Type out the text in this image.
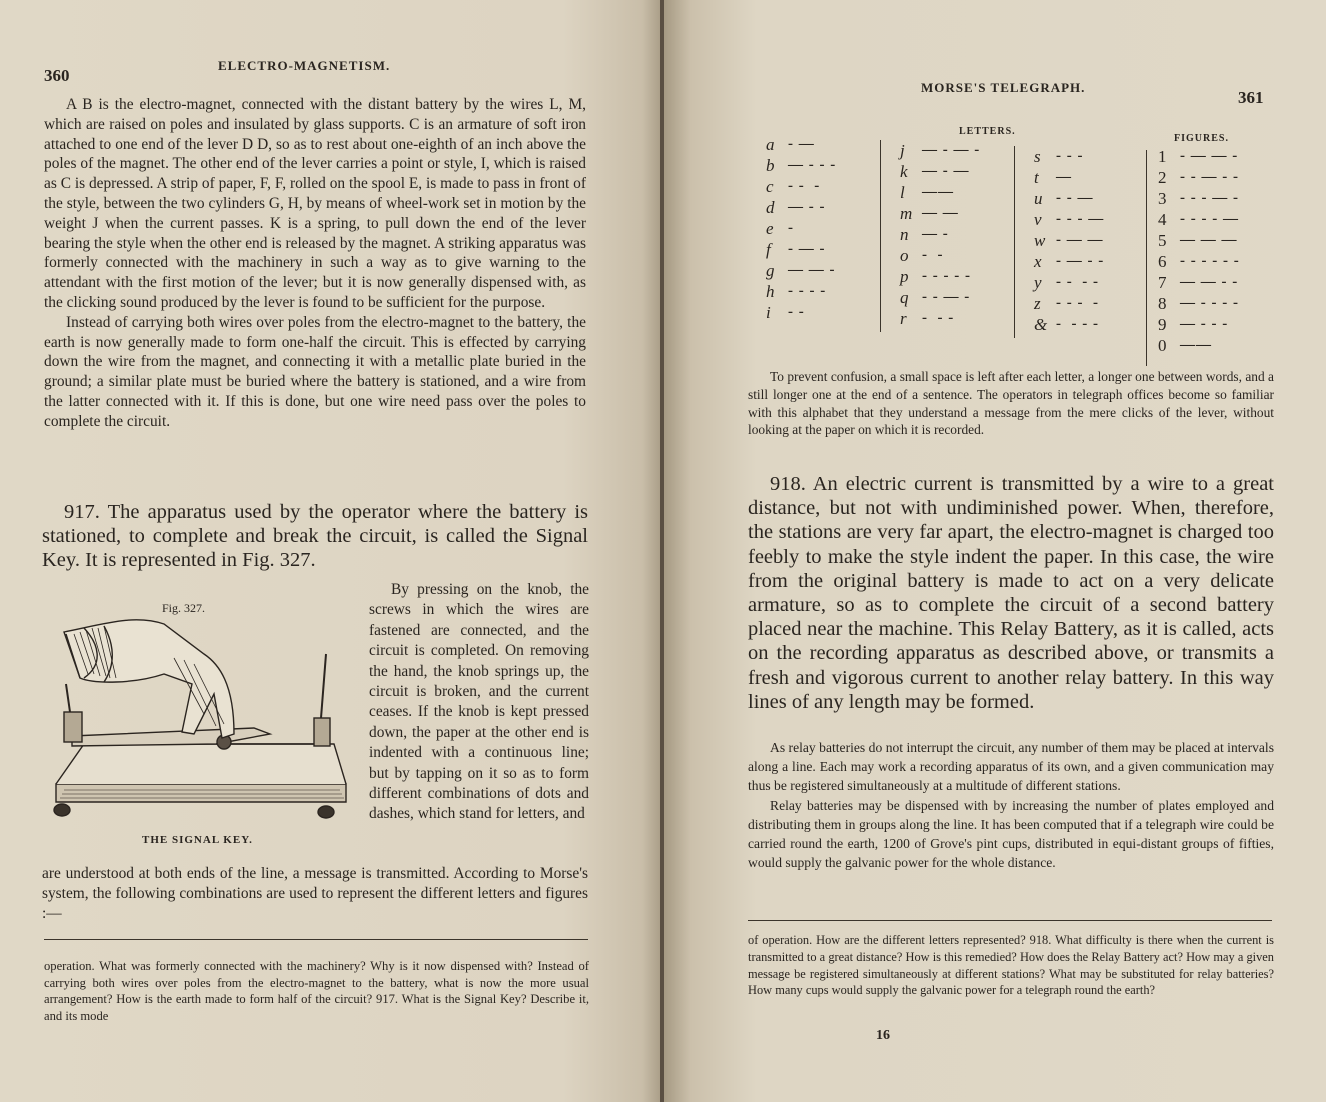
360
ELECTRO-MAGNETISM.

A B is the electro-magnet, connected with the distant battery by the wires L, M, which are raised on poles and insulated by glass supports. C is an armature of soft iron attached to one end of the lever D D, so as to rest about one-eighth of an inch above the poles of the magnet. The other end of the lever carries a point or style, I, which is raised as C is depressed. A strip of paper, F, F, rolled on the spool E, is made to pass in front of the style, between the two cylinders G, H, by means of wheel-work set in motion by the weight J when the current passes. K is a spring, to pull down the end of the lever bearing the style when the other end is released by the magnet. A striking apparatus was formerly connected with the machinery in such a way as to give warning to the attendant with the first motion of the lever; but it is now generally dispensed with, as the clicking sound produced by the lever is found to be sufficient for the purpose.

Instead of carrying both wires over poles from the electro-magnet to the battery, the earth is now generally made to form one-half the circuit. This is effected by carrying down the wire from the magnet, and connecting it with a metallic plate buried in the ground; a similar plate must be buried where the battery is stationed, and a wire from the latter connected with it. If this is done, but one wire need pass over the poles to complete the circuit.

917. The apparatus used by the operator where the battery is stationed, to complete and break the circuit, is called the Signal Key. It is represented in Fig. 327.
Fig. 327.
THE SIGNAL KEY.
By pressing on the knob, the screws in which the wires are fastened are connected, and the circuit is completed. On removing the hand, the knob springs up, the circuit is broken, and the current ceases. If the knob is kept pressed down, the paper at the other end is indented with a continuous line; but by tapping on it so as to form different combinations of dots and dashes, which stand for letters, and
are understood at both ends of the line, a message is transmitted. According to Morse's system, the following combinations are used to represent the different letters and figures :—

operation. What was formerly connected with the machinery? Why is it now dispensed with? Instead of carrying both wires over poles from the electro-magnet to the battery, what is now the more usual arrangement? How is the earth made to form half of the circuit? 917. What is the Signal Key? Describe it, and its mode

MORSE'S TELEGRAPH.
361
LETTERS.
FIGURES.
a - —
b — - - -
c - -  -
d — - -
e -
f	- — -
g — — -
h - - - -
i	- -
j	— - — -
k — - —
l	——
m — —
n — -
o -  -
p - - - - -
q - - — -
r	-  - -
s	- - -
t	—
u - - —
v - - - —
w - — —
x - — - -
y - -  - -
z	- - -  -
& -  - - -
1 - — — -
2 - - — - -
3 - - - — -
4 - - - - —
5 — — —
6 - - - - - -
7 — — - -
8 — - - - -
9 — - - -
0 ——

To prevent confusion, a small space is left after each letter, a longer one between words, and a still longer one at the end of a sentence. The operators in telegraph offices become so familiar with this alphabet that they understand a message from the mere clicks of the lever, without looking at the paper on which it is recorded.

918. An electric current is transmitted by a wire to a great distance, but not with undiminished power. When, therefore, the stations are very far apart, the electro-magnet is charged too feebly to make the style indent the paper. In this case, the wire from the original battery is made to act on a very delicate armature, so as to complete the circuit of a second battery placed near the machine. This Relay Battery, as it is called, acts on the recording apparatus as described above, or transmits a fresh and vigorous current to another relay battery. In this way lines of any length may be formed.

As relay batteries do not interrupt the circuit, any number of them may be placed at intervals along a line. Each may work a recording apparatus of its own, and a given communication may thus be registered simultaneously at a multitude of different stations.

Relay batteries may be dispensed with by increasing the number of plates employed and distributing them in groups along the line. It has been computed that if a telegraph wire could be carried round the earth, 1200 of Grove's pint cups, distributed in equi-distant groups of fifties, would supply the galvanic power for the whole distance.

of operation. How are the different letters represented? 918. What difficulty is there when the current is transmitted to a great distance? How is this remedied? How does the Relay Battery act? How may a given message be registered simultaneously at different stations? What may be substituted for relay batteries? How many cups would supply the galvanic power for a telegraph round the earth?

16
